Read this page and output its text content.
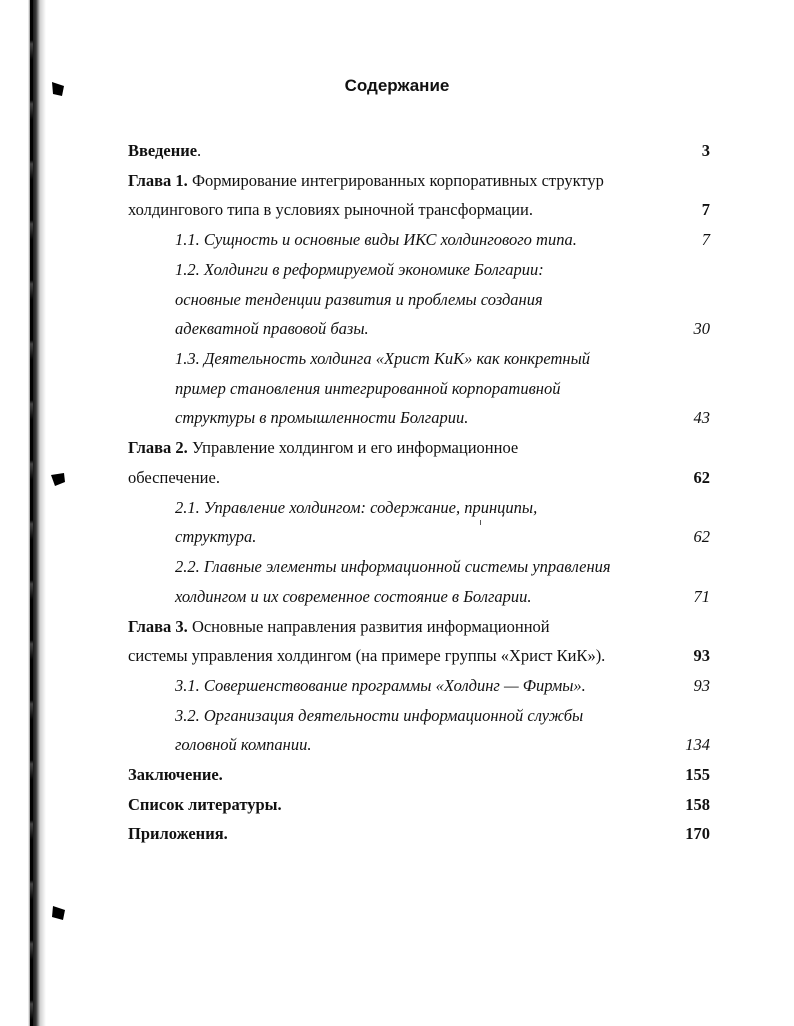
Содержание
Введение.	3
Глава 1. Формирование интегрированных корпоративных структур
холдингового типа в условиях рыночной трансформации.	7
1.1. Сущность и основные виды ИКС холдингового типа.	7
1.2. Холдинги в реформируемой экономике Болгарии:
основные тенденции развития и проблемы создания
адекватной правовой базы.	30
1.3. Деятельность холдинга «Христ КиК» как конкретный
пример становления интегрированной корпоративной
структуры в промышленности Болгарии.	43
Глава 2. Управление холдингом и его информационное
обеспечение.	62
2.1. Управление холдингом: содержание, принципы,
структура.	62
2.2. Главные элементы информационной системы управления
холдингом и их современное состояние в Болгарии.	71
Глава 3. Основные направления развития информационной
системы управления холдингом (на примере группы «Христ КиК»).	93
3.1. Совершенствование программы «Холдинг — Фирмы».	93
3.2. Организация деятельности информационной службы
головной компании.	134
Заключение.	155
Список литературы.	158
Приложения.	170
